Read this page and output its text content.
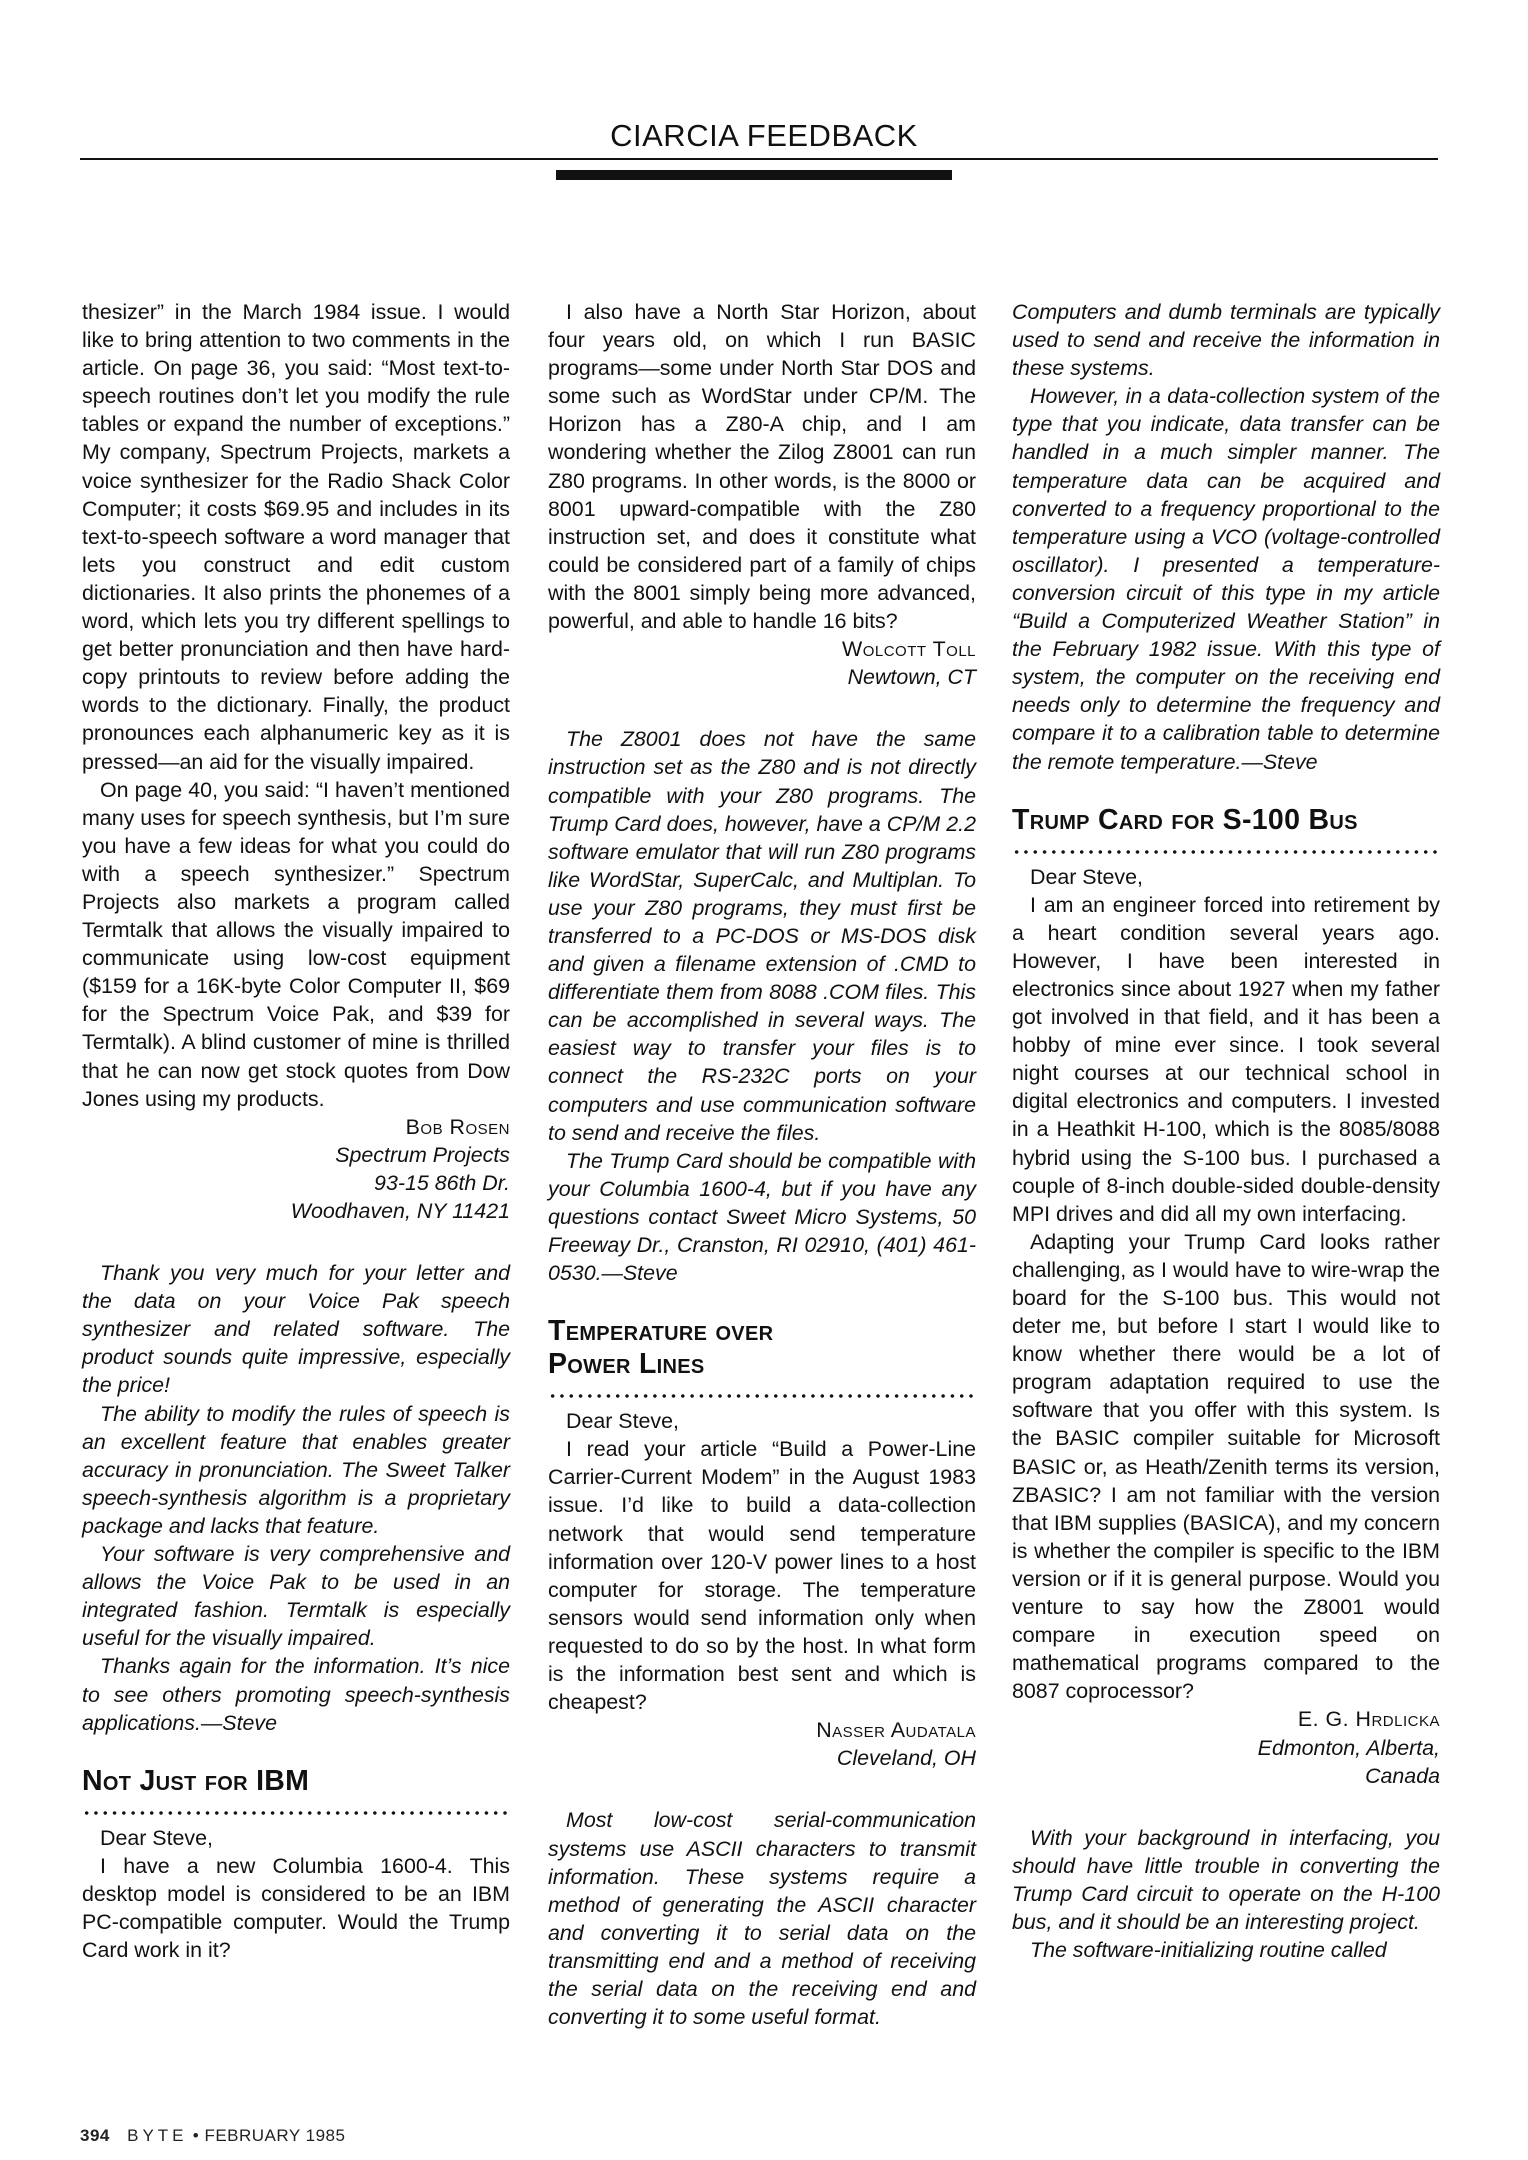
CIARCIA FEEDBACK

thesizer” in the March 1984 issue. I would like to bring attention to two comments in the article. On page 36, you said: “Most text-to-speech routines don’t let you modify the rule tables or expand the number of exceptions.” My company, Spectrum Projects, markets a voice synthesizer for the Radio Shack Color Computer; it costs $69.95 and includes in its text-to-speech software a word manager that lets you construct and edit custom dictionaries. It also prints the phonemes of a word, which lets you try different spellings to get better pronunciation and then have hard-copy printouts to review before adding the words to the dictionary. Finally, the product pronounces each alphanumeric key as it is pressed—an aid for the visually impaired.

On page 40, you said: “I haven’t mentioned many uses for speech synthesis, but I’m sure you have a few ideas for what you could do with a speech synthesizer.” Spectrum Projects also markets a program called Termtalk that allows the visually impaired to communicate using low-cost equipment ($159 for a 16K-byte Color Computer II, $69 for the Spectrum Voice Pak, and $39 for Termtalk). A blind customer of mine is thrilled that he can now get stock quotes from Dow Jones using my products.

Bob Rosen

Spectrum Projects

93-15 86th Dr.

Woodhaven, NY 11421

Thank you very much for your letter and the data on your Voice Pak speech synthesizer and related software. The product sounds quite impressive, especially the price!

The ability to modify the rules of speech is an excellent feature that enables greater accuracy in pronunciation. The Sweet Talker speech-synthesis algorithm is a proprietary package and lacks that feature.

Your software is very comprehensive and allows the Voice Pak to be used in an integrated fashion. Termtalk is especially useful for the visually impaired.

Thanks again for the information. It’s nice to see others promoting speech-synthesis applications.—Steve

Not Just for IBM

Dear Steve,

I have a new Columbia 1600-4. This desktop model is considered to be an IBM PC-compatible computer. Would the Trump Card work in it?

I also have a North Star Horizon, about four years old, on which I run BASIC programs—some under North Star DOS and some such as WordStar under CP/M. The Horizon has a Z80-A chip, and I am wondering whether the Zilog Z8001 can run Z80 programs. In other words, is the 8000 or 8001 upward-compatible with the Z80 instruction set, and does it constitute what could be considered part of a family of chips with the 8001 simply being more advanced, powerful, and able to handle 16 bits?

Wolcott Toll

Newtown, CT

The Z8001 does not have the same instruction set as the Z80 and is not directly compatible with your Z80 programs. The Trump Card does, however, have a CP/M 2.2 software emulator that will run Z80 programs like WordStar, SuperCalc, and Multiplan. To use your Z80 programs, they must first be transferred to a PC-DOS or MS-DOS disk and given a filename extension of .CMD to differentiate them from 8088 .COM files. This can be accomplished in several ways. The easiest way to transfer your files is to connect the RS-232C ports on your computers and use communication software to send and receive the files.

The Trump Card should be compatible with your Columbia 1600-4, but if you have any questions contact Sweet Micro Systems, 50 Freeway Dr., Cranston, RI 02910, (401) 461-0530.—Steve

Temperature over
Power Lines

Dear Steve,

I read your article “Build a Power-Line Carrier-Current Modem” in the August 1983 issue. I’d like to build a data-collection network that would send temperature information over 120-V power lines to a host computer for storage. The temperature sensors would send information only when requested to do so by the host. In what form is the information best sent and which is cheapest?

Nasser Audatala

Cleveland, OH

Most low-cost serial-communication systems use ASCII characters to transmit information. These systems require a method of generating the ASCII character and converting it to serial data on the transmitting end and a method of receiving the serial data on the receiving end and converting it to some useful format.

Computers and dumb terminals are typically used to send and receive the information in these systems.

However, in a data-collection system of the type that you indicate, data transfer can be handled in a much simpler manner. The temperature data can be acquired and converted to a frequency proportional to the temperature using a VCO (voltage-controlled oscillator). I presented a temperature-conversion circuit of this type in my article “Build a Computerized Weather Station” in the February 1982 issue. With this type of system, the computer on the receiving end needs only to determine the frequency and compare it to a calibration table to determine the remote temperature.—Steve

Trump Card for S-100 Bus

Dear Steve,

I am an engineer forced into retirement by a heart condition several years ago. However, I have been interested in electronics since about 1927 when my father got involved in that field, and it has been a hobby of mine ever since. I took several night courses at our technical school in digital electronics and computers. I invested in a Heathkit H-100, which is the 8085/8088 hybrid using the S-100 bus. I purchased a couple of 8-inch double-sided double-density MPI drives and did all my own interfacing.

Adapting your Trump Card looks rather challenging, as I would have to wire-wrap the board for the S-100 bus. This would not deter me, but before I start I would like to know whether there would be a lot of program adaptation required to use the software that you offer with this system. Is the BASIC compiler suitable for Microsoft BASIC or, as Heath/Zenith terms its version, ZBASIC? I am not familiar with the version that IBM supplies (BASICA), and my concern is whether the compiler is specific to the IBM version or if it is general purpose. Would you venture to say how the Z8001 would compare in execution speed on mathematical programs compared to the 8087 coprocessor?

E. G. Hrdlicka

Edmonton, Alberta,

Canada

With your background in interfacing, you should have little trouble in converting the Trump Card circuit to operate on the H-100 bus, and it should be an interesting project.

The software-initializing routine called

394 BYTE • FEBRUARY 1985
